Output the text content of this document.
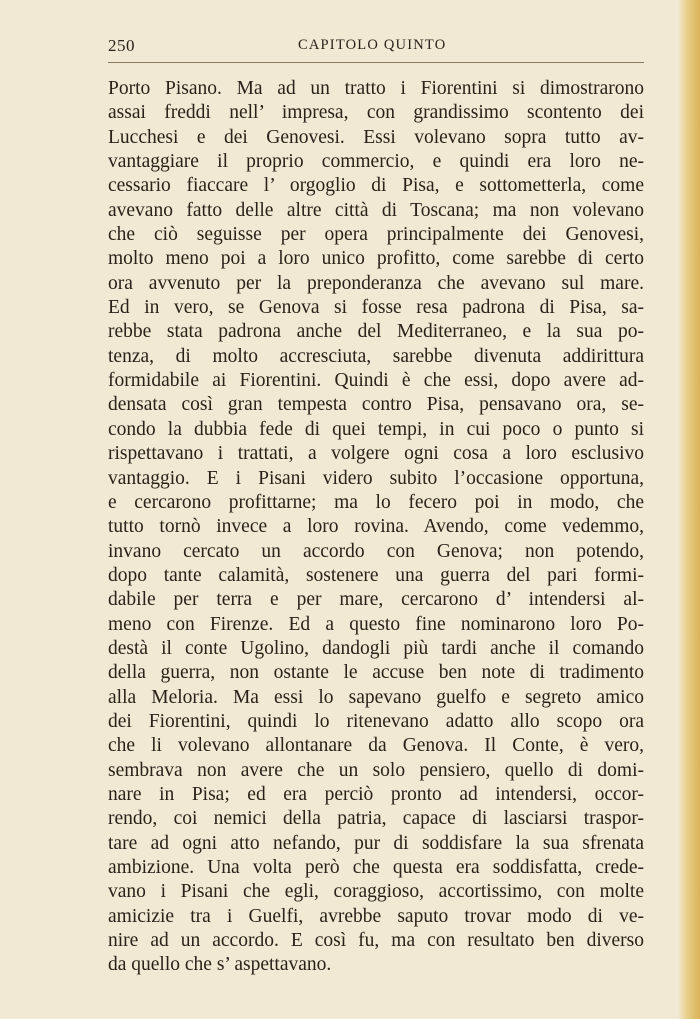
250	CAPITOLO QUINTO
Porto Pisano. Ma ad un tratto i Fiorentini si dimostrarono
assai freddi nell’ impresa, con grandissimo scontento dei
Lucchesi e dei Genovesi. Essi volevano sopra tutto av-
vantaggiare il proprio commercio, e quindi era loro ne-
cessario fiaccare l’ orgoglio di Pisa, e sottometterla, come
avevano fatto delle altre città di Toscana; ma non volevano
che ciò seguisse per opera principalmente dei Genovesi,
molto meno poi a loro unico profitto, come sarebbe di certo
ora avvenuto per la preponderanza che avevano sul mare.
Ed in vero, se Genova si fosse resa padrona di Pisa, sa-
rebbe stata padrona anche del Mediterraneo, e la sua po-
tenza, di molto accresciuta, sarebbe divenuta addirittura
formidabile ai Fiorentini. Quindi è che essi, dopo avere ad-
densata così gran tempesta contro Pisa, pensavano ora, se-
condo la dubbia fede di quei tempi, in cui poco o punto si
rispettavano i trattati, a volgere ogni cosa a loro esclusivo
vantaggio. E i Pisani videro subito l’occasione opportuna,
e cercarono profittarne; ma lo fecero poi in modo, che
tutto tornò invece a loro rovina. Avendo, come vedemmo,
invano cercato un accordo con Genova; non potendo,
dopo tante calamità, sostenere una guerra del pari formi-
dabile per terra e per mare, cercarono d’ intendersi al-
meno con Firenze. Ed a questo fine nominarono loro Po-
destà il conte Ugolino, dandogli più tardi anche il comando
della guerra, non ostante le accuse ben note di tradimento
alla Meloria. Ma essi lo sapevano guelfo e segreto amico
dei Fiorentini, quindi lo ritenevano adatto allo scopo ora
che li volevano allontanare da Genova. Il Conte, è vero,
sembrava non avere che un solo pensiero, quello di domi-
nare in Pisa; ed era perciò pronto ad intendersi, occor-
rendo, coi nemici della patria, capace di lasciarsi traspor-
tare ad ogni atto nefando, pur di soddisfare la sua sfrenata
ambizione. Una volta però che questa era soddisfatta, crede-
vano i Pisani che egli, coraggioso, accortissimo, con molte
amicizie tra i Guelfi, avrebbe saputo trovar modo di ve-
nire ad un accordo. E così fu, ma con resultato ben diverso
da quello che s’ aspettavano.
